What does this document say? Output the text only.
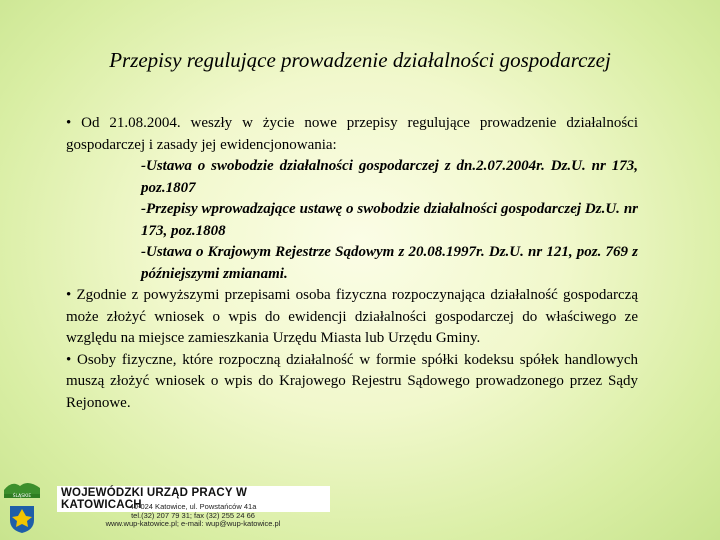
Przepisy regulujące prowadzenie działalności gospodarczej
• Od 21.08.2004. weszły w życie nowe przepisy regulujące prowadzenie działalności gospodarczej i zasady jej ewidencjonowania:
-Ustawa o swobodzie działalności gospodarczej z dn.2.07.2004r. Dz.U. nr 173, poz.1807
-Przepisy wprowadzające ustawę o swobodzie działalności gospodarczej Dz.U. nr 173, poz.1808
-Ustawa o Krajowym Rejestrze Sądowym z 20.08.1997r. Dz.U. nr 121, poz. 769 z późniejszymi zmianami.
• Zgodnie z powyższymi przepisami osoba fizyczna rozpoczynająca działalność gospodarczą może złożyć wniosek o wpis do ewidencji działalności gospodarczej do właściwego ze względu na miejsce zamieszkania Urzędu Miasta lub Urzędu Gminy.
• Osoby fizyczne, które rozpoczną działalność w formie spółki kodeksu spółek handlowych muszą złożyć wniosek o wpis do Krajowego Rejestru Sądowego prowadzonego przez Sądy Rejonowe.
ŚLĄSKIE	WOJEWÓDZKI URZĄD PRACY W KATOWICACH
40-024 Katowice, ul. Powstańców 41a
tel.(32) 207 79 31; fax (32) 255 24 66
www.wup-katowice.pl; e-mail: wup@wup-katowice.pl
